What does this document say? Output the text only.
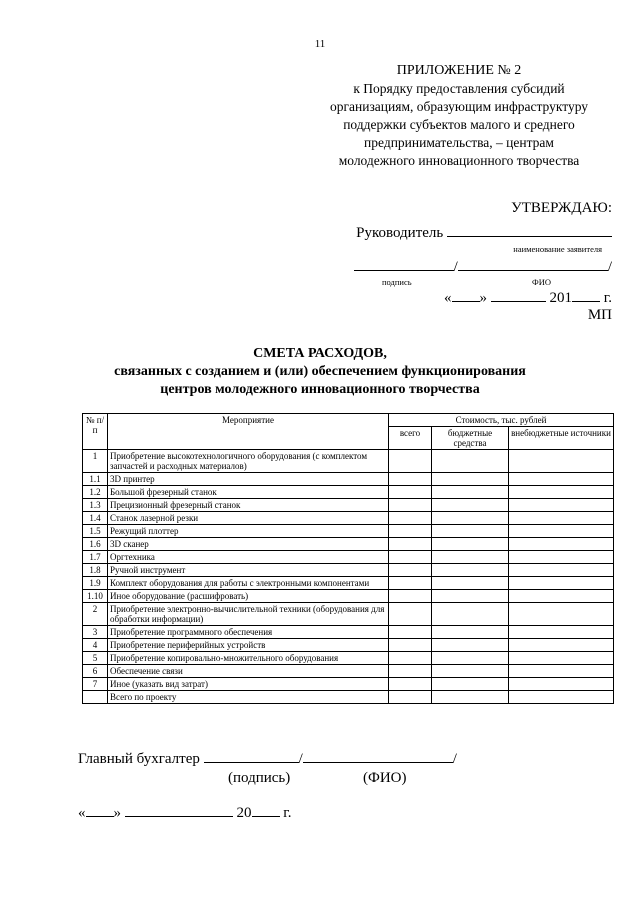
11
ПРИЛОЖЕНИЕ № 2
к Порядку предоставления субсидий
организациям, образующим инфраструктуру
поддержки субъектов малого и среднего
предпринимательства, – центрам
молодежного инновационного творчества
УТВЕРЖДАЮ:
Руководитель
наименование заявителя
/	/
подпись	ФИО
« »	201 г.
МП
СМЕТА РАСХОДОВ,
связанных с созданием и (или) обеспечением функционирования
центров молодежного инновационного творчества
№ п/п	Мероприятие	Стоимость, тыс. рублей		
		всего	бюджетные средства	внебюджетные источники
1	Приобретение высокотехнологичного оборудования (с комплектом запчастей и расходных материалов)			
1.1	3D принтер			
1.2	Большой фрезерный станок			
1.3	Прецизионный фрезерный станок			
1.4	Станок лазерной резки			
1.5	Режущий плоттер			
1.6	3D сканер			
1.7	Оргтехника			
1.8	Ручной инструмент			
1.9	Комплект оборудования для работы с электронными компонентами			
1.10	Иное оборудование (расшифровать)			
2	Приобретение электронно-вычислительной техники (оборудования для обработки информации)			
3	Приобретение программного обеспечения			
4	Приобретение периферийных устройств			
5	Приобретение копировально-множительного оборудования			
6	Обеспечение связи			
7	Иное (указать вид затрат)			
	Всего по проекту			
Главный бухгалтер	/	/
(подпись)	(ФИО)
« »	20 г.
